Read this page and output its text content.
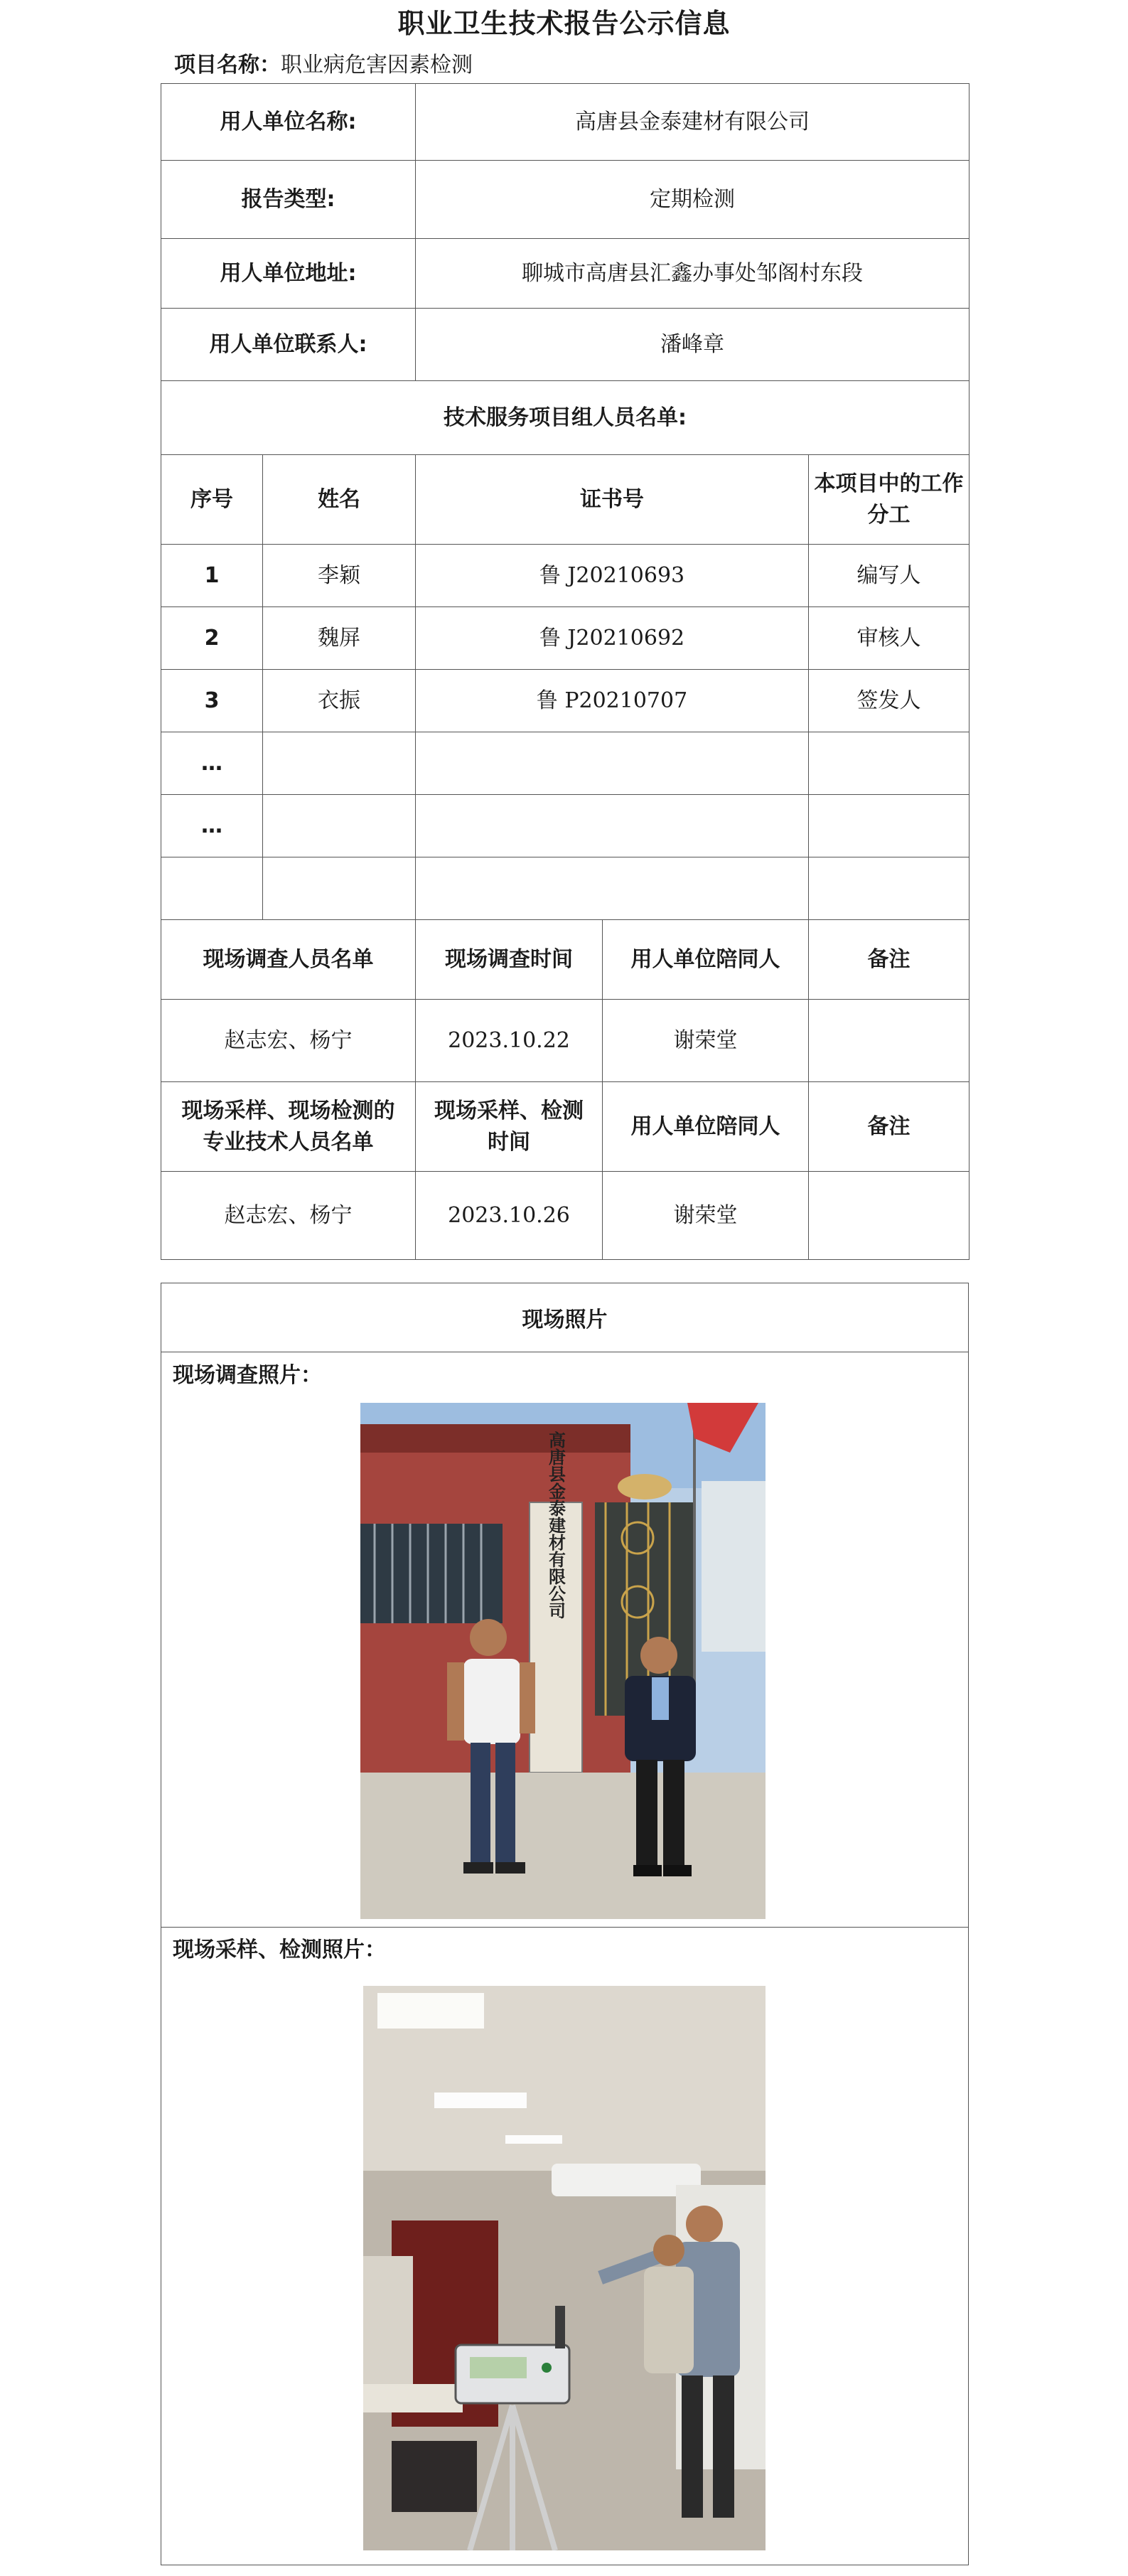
职业卫生技术报告公示信息
项目名称：职业病危害因素检测
用人单位名称:		高唐县金泰建材有限公司		
报告类型:		定期检测		
用人单位地址:		聊城市高唐县汇鑫办事处邹阁村东段		
用人单位联系人:		潘峰章		
技术服务项目组人员名单:				
序号	姓名	证书号		本项目中的工作分工
1	李颖	鲁 J20210693		编写人
2	魏屏	鲁 J20210692		审核人
3	衣振	鲁 P20210707		签发人
…				
…				

现场调查人员名单		现场调查时间	用人单位陪同人	备注
赵志宏、杨宁		2023.10.22	谢荣堂	
现场采样、现场检测的专业技术人员名单		现场采样、检测时间	用人单位陪同人	备注
赵志宏、杨宁		2023.10.26	谢荣堂	
现场照片
现场调查照片：
现场采样、检测照片：
高唐县金泰建材有限公司
